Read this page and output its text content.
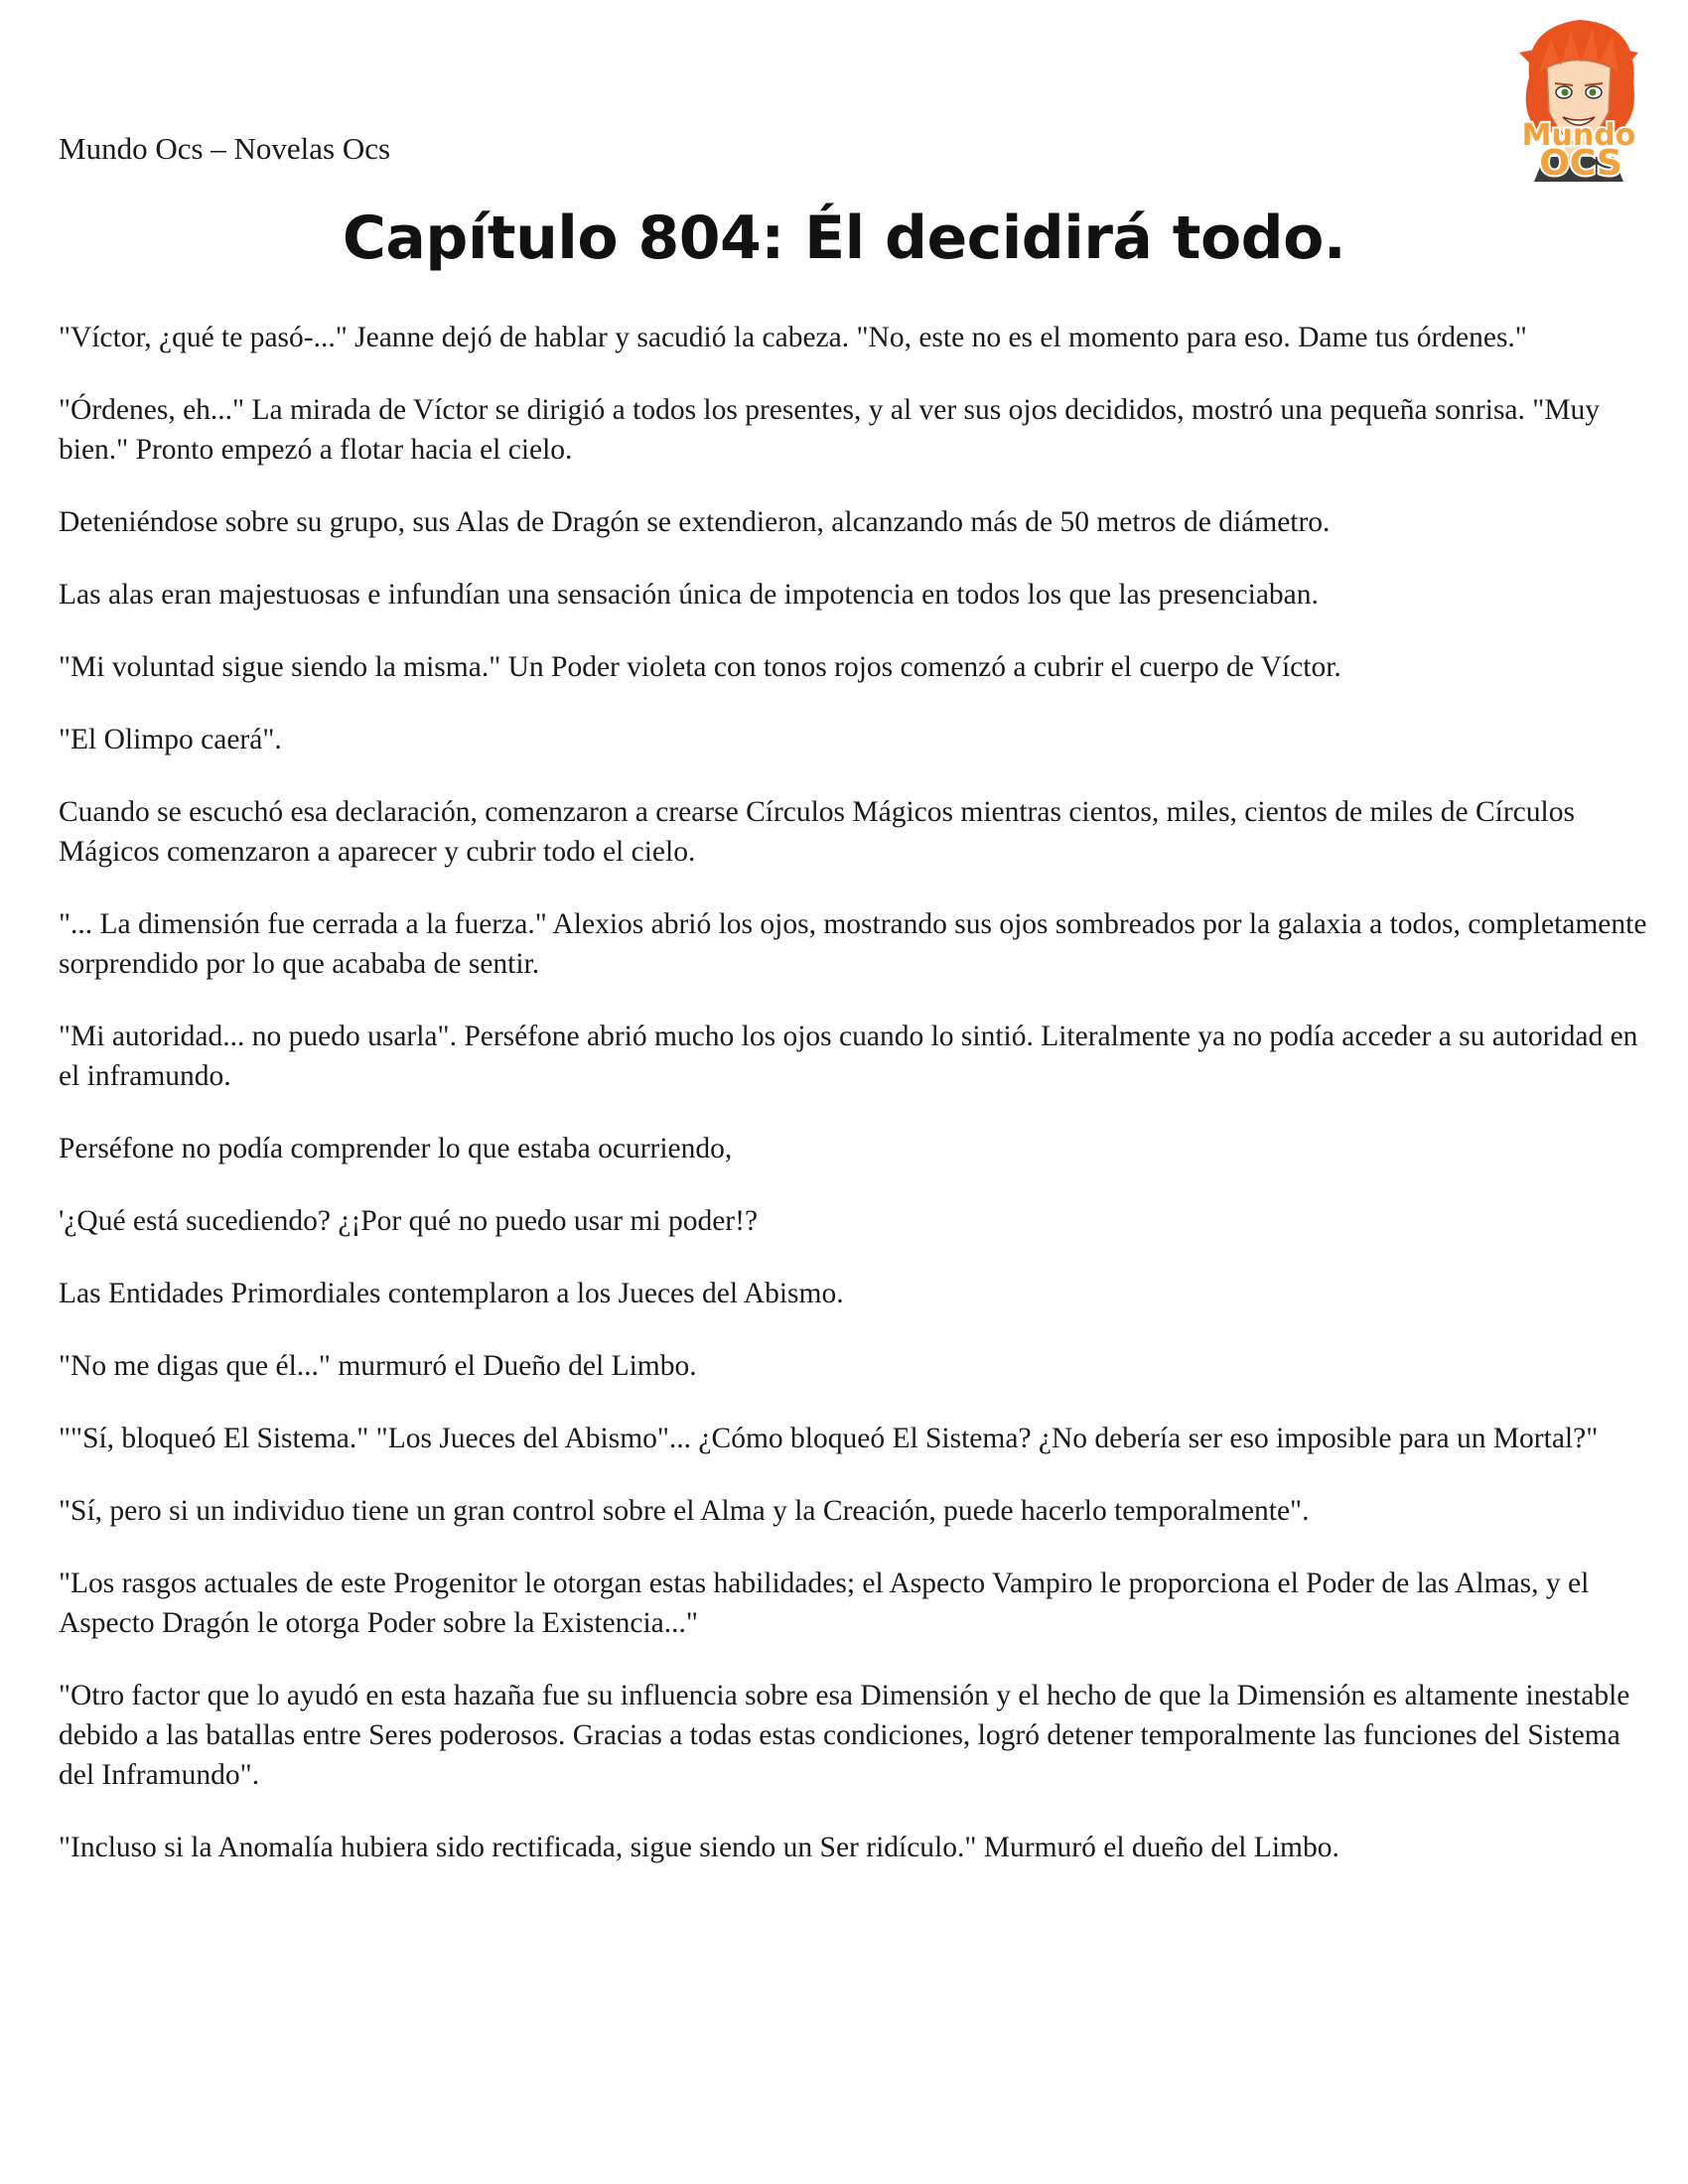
Mundo Ocs – Novelas Ocs	Mundo
OCS
Capítulo 804: Él decidirá todo.

"Víctor, ¿qué te pasó-..." Jeanne dejó de hablar y sacudió la cabeza. "No, este no es el momento para eso. Dame tus órdenes."

"Órdenes, eh..." La mirada de Víctor se dirigió a todos los presentes, y al ver sus ojos decididos, mostró una pequeña sonrisa. "Muy bien." Pronto empezó a flotar hacia el cielo.

Deteniéndose sobre su grupo, sus Alas de Dragón se extendieron, alcanzando más de 50 metros de diámetro.

Las alas eran majestuosas e infundían una sensación única de impotencia en todos los que las presenciaban.

"Mi voluntad sigue siendo la misma." Un Poder violeta con tonos rojos comenzó a cubrir el cuerpo de Víctor.

"El Olimpo caerá".

Cuando se escuchó esa declaración, comenzaron a crearse Círculos Mágicos mientras cientos, miles, cientos de miles de Círculos Mágicos comenzaron a aparecer y cubrir todo el cielo.

"... La dimensión fue cerrada a la fuerza." Alexios abrió los ojos, mostrando sus ojos sombreados por la galaxia a todos, completamente sorprendido por lo que acababa de sentir.

"Mi autoridad... no puedo usarla". Perséfone abrió mucho los ojos cuando lo sintió. Literalmente ya no podía acceder a su autoridad en el inframundo.

Perséfone no podía comprender lo que estaba ocurriendo,

'¿Qué está sucediendo? ¿¡Por qué no puedo usar mi poder!?

Las Entidades Primordiales contemplaron a los Jueces del Abismo.

"No me digas que él..." murmuró el Dueño del Limbo.

""Sí, bloqueó El Sistema." "Los Jueces del Abismo"... ¿Cómo bloqueó El Sistema? ¿No debería ser eso imposible para un Mortal?"

"Sí, pero si un individuo tiene un gran control sobre el Alma y la Creación, puede hacerlo temporalmente".

"Los rasgos actuales de este Progenitor le otorgan estas habilidades; el Aspecto Vampiro le proporciona el Poder de las Almas, y el Aspecto Dragón le otorga Poder sobre la Existencia..."

"Otro factor que lo ayudó en esta hazaña fue su influencia sobre esa Dimensión y el hecho de que la Dimensión es altamente inestable debido a las batallas entre Seres poderosos. Gracias a todas estas condiciones, logró detener temporalmente las funciones del Sistema del Inframundo".

"Incluso si la Anomalía hubiera sido rectificada, sigue siendo un Ser ridículo." Murmuró el dueño del Limbo.
